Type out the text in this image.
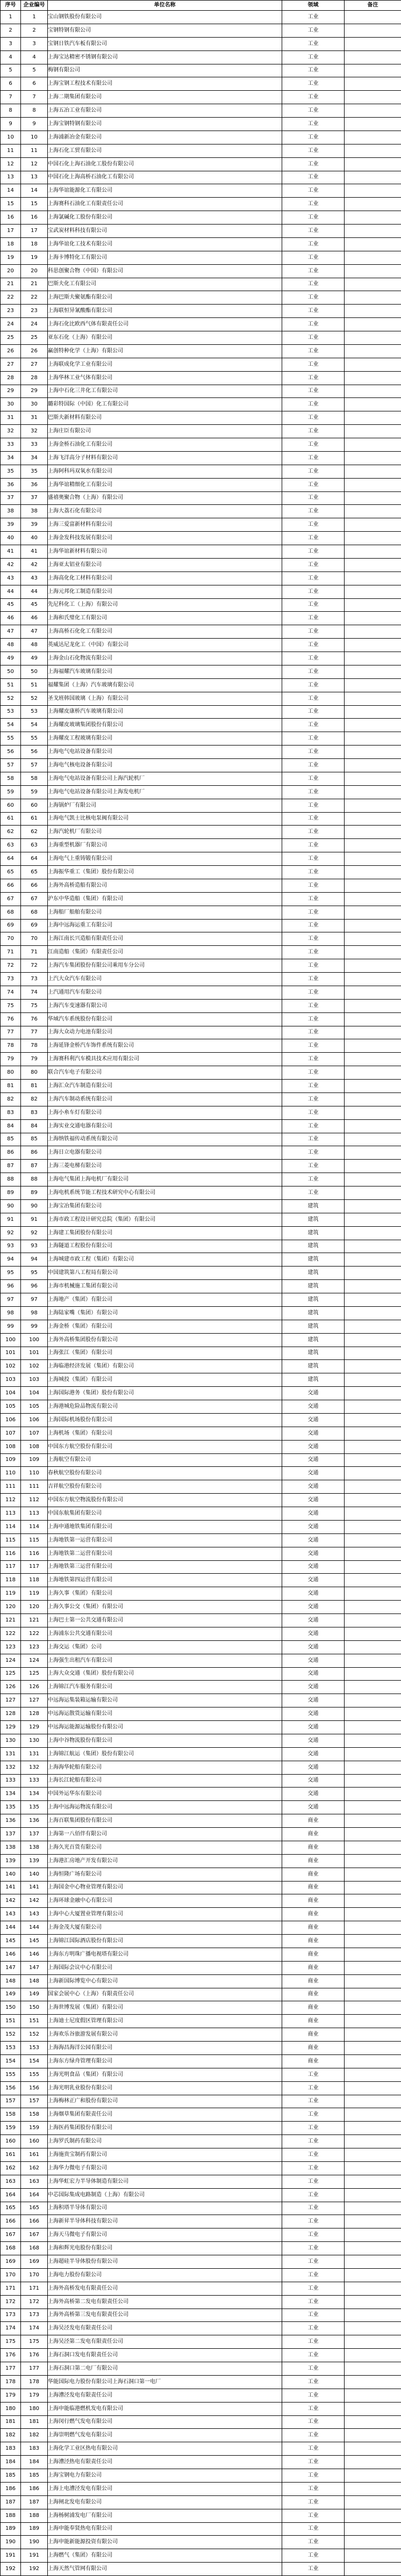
序号	企业编号	单位名称	领域	备注
1	1	宝山钢铁股份有限公司	工业	
2	2	宝钢特钢有限公司	工业	
3	3	宝钢日铁汽车板有限公司	工业	
4	4	上海宝达精密不锈钢有限公司	工业	
5	5	梅钢有限公司	工业	
6	6	上海宝钢工程技术有限公司	工业	
7	7	上海二期集团有限公司	工业	
8	8	上海五冶工业有限公司	工业	
9	9	上海宝钢特钢有限公司	工业	
10	10	上海浦新冶金有限公司	工业	
11	11	上海石化工贸有限公司	工业	
12	12	中国石化上海石油化工股份有限公司	工业	
13	13	中国石化上海高桥石油化工有限公司	工业	
14	14	上海华谊能源化工有限公司	工业	
15	15	上海赛科石油化工有限责任公司	工业	
16	16	上海氯碱化工股份有限公司	工业	
17	17	宝武炭材料科技有限公司	工业	
18	18	上海华谊化工技术有限公司	工业	
19	19	上海卡博特化工有限公司	工业	
20	20	科思创聚合物（中国）有限公司	工业	
21	21	巴斯夫化工有限公司	工业	
22	22	上海巴斯夫聚氨酯有限公司	工业	
23	23	上海联恒异氰酸酯有限公司	工业	
24	24	上海石化比欧西气体有限责任公司	工业	
25	25	亚东石化（上海）有限公司	工业	
26	26	赢创特种化学（上海）有限公司	工业	
27	27	上海联成化学工业有限公司	工业	
28	28	上海华林工业气体有限公司	工业	
29	29	上海中石化三井化工有限公司	工业	
30	30	璐彩特国际（中国）化工有限公司	工业	
31	31	巴斯夫新材料有限公司	工业	
32	32	上海庄臣有限公司	工业	
33	33	上海金桥石油化工有限公司	工业	
34	34	上海飞洋高分子材料有限公司	工业	
35	35	上海阿科玛双氧水有限公司	工业	
36	36	上海华谊精细化工有限公司	工业	
37	37	盛禧奥聚合物（上海）有限公司	工业	
38	38	上海大荔石化有限公司	工业	
39	39	上海三爱富新材料有限公司	工业	
40	40	上海金发科技发展有限公司	工业	
41	41	上海华谊新材料有限公司	工业	
42	42	上海亚太铝业有限公司	工业	
43	43	上海高化化工材料有限公司	工业	
44	44	上海元邦化工制造有限公司	工业	
45	45	先尼科化工（上海）有限公司	工业	
46	46	上海和氏璧化工有限公司	工业	
47	47	上海高桥石化化工有限公司	工业	
48	48	英威达尼龙化工（中国）有限公司	工业	
49	49	上海金山石化物流有限公司	工业	
50	50	上海福耀汽车玻璃有限公司	工业	
51	51	福耀集团（上海）汽车玻璃有限公司	工业	
52	52	圣戈班韩国玻璃（上海）有限公司	工业	
53	53	上海耀皮康桥汽车玻璃有限公司	工业	
54	54	上海耀皮玻璃集团股份有限公司	工业	
55	55	上海耀皮工程玻璃有限公司	工业	
56	56	上海电气电站设备有限公司	工业	
57	57	上海电气核电设备有限公司	工业	
58	58	上海电气电站设备有限公司上海汽轮机厂	工业	
59	59	上海电气电站设备有限公司上海发电机厂	工业	
60	60	上海锅炉厂有限公司	工业	
61	61	上海电气凯士比核电泵阀有限公司	工业	
62	62	上海汽轮机厂有限公司	工业	
63	63	上海重型机器厂有限公司	工业	
64	64	上海电气上重铸锻有限公司	工业	
65	65	上海振华重工（集团）股份有限公司	工业	
66	66	上海外高桥造船有限公司	工业	
67	67	沪东中华造船（集团）有限公司	工业	
68	68	上海船厂船舶有限公司	工业	
69	69	上海中远海运重工有限公司	工业	
70	70	上海江南长兴造船有限责任公司	工业	
71	71	江南造船（集团）有限责任公司	工业	
72	72	上海汽车集团股份有限公司乘用车分公司	工业	
73	73	上汽大众汽车有限公司	工业	
74	74	上汽通用汽车有限公司	工业	
75	75	上海汽车变速器有限公司	工业	
76	76	华域汽车系统股份有限公司	工业	
77	77	上海大众动力电池有限公司	工业	
78	78	上海延锋金桥汽车饰件系统有限公司	工业	
79	79	上海赛科利汽车模具技术应用有限公司	工业	
80	80	联合汽车电子有限公司	工业	
81	81	上海汇众汽车制造有限公司	工业	
82	82	上海汽车制动系统有限公司	工业	
83	83	上海小糸车灯有限公司	工业	
84	84	上海实业交通电器有限公司	工业	
85	85	上海纳铁福传动系统有限公司	工业	
86	86	上海日立电器有限公司	工业	
87	87	上海三菱电梯有限公司	工业	
88	88	上海电气集团上海电机厂有限公司	工业	
89	89	上海电机系统节能工程技术研究中心有限公司	工业	
90	90	上海宝冶集团有限公司	建筑	
91	91	上海市政工程设计研究总院（集团）有限公司	建筑	
92	92	上海建工集团股份有限公司	建筑	
93	93	上海隧道工程股份有限公司	建筑	
94	94	上海城建市政工程（集团）有限公司	建筑	
95	95	中国建筑第八工程局有限公司	建筑	
96	96	上海市机械施工集团有限公司	建筑	
97	97	上海地产（集团）有限公司	建筑	
98	98	上海陆家嘴（集团）有限公司	建筑	
99	99	上海金桥（集团）有限公司	建筑	
100	100	上海外高桥集团股份有限公司	建筑	
101	101	上海张江（集团）有限公司	建筑	
102	102	上海临港经济发展（集团）有限公司	建筑	
103	103	上海城投（集团）有限公司	建筑	
104	104	上海国际港务（集团）股份有限公司	交通	
105	105	上海港城危险品物流有限公司	交通	
106	106	上海国际机场股份有限公司	交通	
107	107	上海机场（集团）有限公司	交通	
108	108	中国东方航空股份有限公司	交通	
109	109	上海航空有限公司	交通	
110	110	春秋航空股份有限公司	交通	
111	111	吉祥航空股份有限公司	交通	
112	112	中国东方航空物流股份有限公司	交通	
113	113	中国东航集团有限公司	交通	
114	114	上海申通地铁集团有限公司	交通	
115	115	上海地铁第一运营有限公司	交通	
116	116	上海地铁第二运营有限公司	交通	
117	117	上海地铁第三运营有限公司	交通	
118	118	上海地铁第四运营有限公司	交通	
119	119	上海久事（集团）有限公司	交通	
120	120	上海久事公交（集团）有限公司	交通	
121	121	上海巴士第一公共交通有限公司	交通	
122	122	上海浦东公共交通有限公司	交通	
123	123	上海交运（集团）公司	交通	
124	124	上海强生出租汽车有限公司	交通	
125	125	上海大众交通（集团）股份有限公司	交通	
126	126	上海锦江汽车服务有限公司	交通	
127	127	中远海运集装箱运输有限公司	交通	
128	128	中远海运散货运输有限公司	交通	
129	129	中远海运能源运输股份有限公司	交通	
130	130	上海中谷物流股份有限公司	交通	
131	131	上海锦江航运（集团）股份有限公司	交通	
132	132	上海海华轮船有限公司	交通	
133	133	上海长江轮船有限公司	交通	
134	134	中国外运华东有限公司	交通	
135	135	上海中远海运物流有限公司	交通	
136	136	上海百联集团股份有限公司	商业	
137	137	上海第一八佰伴有限公司	商业	
138	138	上海久光百货有限公司	商业	
139	139	上海港汇房地产开发有限公司	商业	
140	140	上海恒隆广场有限公司	商业	
141	141	上海国金中心物业管理有限公司	商业	
142	142	上海环球金融中心有限公司	商业	
143	143	上海中心大厦置业管理有限公司	商业	
144	144	上海金茂大厦有限公司	商业	
145	145	上海锦江国际酒店股份有限公司	商业	
146	146	上海东方明珠广播电视塔有限公司	商业	
147	147	上海国际会议中心有限公司	商业	
148	148	上海新国际博览中心有限公司	商业	
149	149	国家会展中心（上海）有限责任公司	商业	
150	150	上海世博发展（集团）有限公司	商业	
151	151	上海迪士尼度假区管理有限公司	商业	
152	152	上海欢乐谷旅游发展有限公司	商业	
153	153	上海海昌海洋公园有限公司	商业	
154	154	上海东方绿舟管理有限公司	商业	
155	155	上海光明食品（集团）有限公司	工业	
156	156	上海光明乳业股份有限公司	工业	
157	157	上海梅林正广和股份有限公司	工业	
158	158	上海烟草集团有限责任公司	工业	
159	159	上海医药集团股份有限公司	工业	
160	160	上海罗氏制药有限公司	工业	
161	161	上海施贵宝制药有限公司	工业	
162	162	上海华力微电子有限公司	工业	
163	163	上海华虹宏力半导体制造有限公司	工业	
164	164	中芯国际集成电路制造（上海）有限公司	工业	
165	165	上海积塔半导体有限公司	工业	
166	166	上海新昇半导体科技有限公司	工业	
167	167	上海天马微电子有限公司	工业	
168	168	上海和辉光电股份有限公司	工业	
169	169	上海超硅半导体股份有限公司	工业	
170	170	上海电力股份有限公司	工业	
171	171	上海外高桥发电有限责任公司	工业	
172	172	上海外高桥第二发电有限责任公司	工业	
173	173	上海外高桥第三发电有限责任公司	工业	
174	174	上海吴泾发电有限责任公司	工业	
175	175	上海吴泾第二发电有限责任公司	工业	
176	176	上海石洞口发电有限责任公司	工业	
177	177	上海石洞口第二电厂有限公司	工业	
178	178	华能国际电力股份有限公司上海石洞口第一电厂	工业	
179	179	上海漕泾发电有限责任公司	工业	
180	180	上海申能临港燃机发电有限公司	工业	
181	181	上海闵行燃气发电有限公司	工业	
182	182	上海崇明燃气发电有限公司	工业	
183	183	上海化学工业区热电有限公司	工业	
184	184	上海漕泾热电有限责任公司	工业	
185	185	上海宝钢电力有限公司	工业	
186	186	上海上电漕泾发电有限公司	工业	
187	187	上海闸北发电有限公司	工业	
188	188	上海杨树浦发电厂有限公司	工业	
189	189	上海申能奉贤热电有限公司	工业	
190	190	上海申能新能源投资有限公司	工业	
191	191	上海燃气（集团）有限公司	工业	
192	192	上海天然气管网有限公司	工业	
